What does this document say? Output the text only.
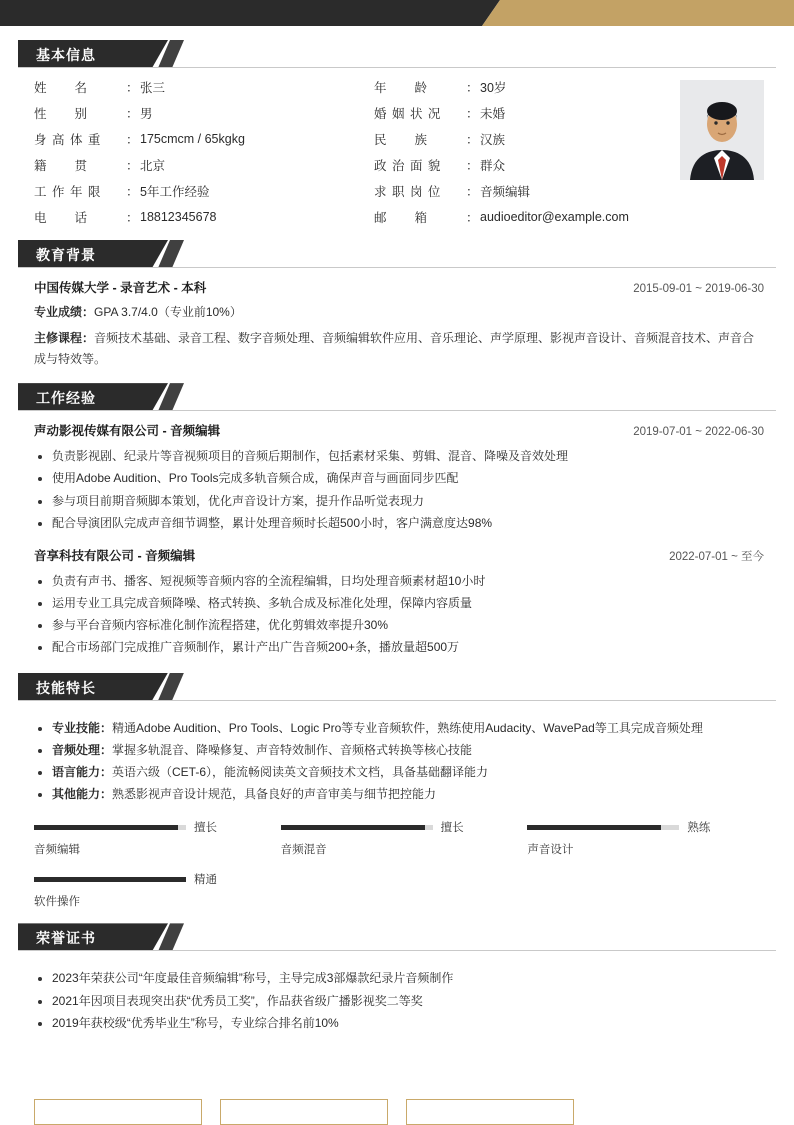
基本信息
姓　　名	： 张三	年　　龄	： 30岁
性　　别	： 男	婚 姻 状 况	： 未婚
身 高 体 重	： 175cmcm / 65kgkg	民　　族	： 汉族
籍　　贯	： 北京	政 治 面 貌	： 群众
工 作 年 限	： 5年工作经验	求 职 岗 位	： 音频编辑
电　　话	： 18812345678	邮　　箱	： audioeditor@example.com
教育背景
中国传媒大学 - 录音艺术 - 本科	2015-09-01 ~ 2019-06-30
专业成绩：GPA 3.7/4.0（专业前10%）
主修课程：音频技术基础、录音工程、数字音频处理、音频编辑软件应用、音乐理论、声学原理、影视声音设计、音频混音技术、声音合成与特效等。
工作经验
声动影视传媒有限公司 - 音频编辑	2019-07-01 ~ 2022-06-30
• 负责影视剧、纪录片等音视频项目的音频后期制作，包括素材采集、剪辑、混音、降噪及音效处理
• 使用Adobe Audition、Pro Tools完成多轨音频合成，确保声音与画面同步匹配
• 参与项目前期音频脚本策划，优化声音设计方案，提升作品听觉表现力
• 配合导演团队完成声音细节调整，累计处理音频时长超500小时，客户满意度达98%
音享科技有限公司 - 音频编辑	2022-07-01 ~ 至今
• 负责有声书、播客、短视频等音频内容的全流程编辑，日均处理音频素材超10小时
• 运用专业工具完成音频降噪、格式转换、多轨合成及标准化处理，保障内容质量
• 参与平台音频内容标准化制作流程搭建，优化剪辑效率提升30%
• 配合市场部门完成推广音频制作，累计产出广告音频200+条，播放量超500万
技能特长
• 专业技能：精通Adobe Audition、Pro Tools、Logic Pro等专业音频软件，熟练使用Audacity、WavePad等工具完成音频处理
• 音频处理：掌握多轨混音、降噪修复、声音特效制作、音频格式转换等核心技能
• 语言能力：英语六级（CET-6），能流畅阅读英文音频技术文档，具备基础翻译能力
• 其他能力：熟悉影视声音设计规范，具备良好的声音审美与细节把控能力
擅长
音频编辑
擅长
音频混音
熟练
声音设计
精通
软件操作
荣誉证书
• 2023年荣获公司“年度最佳音频编辑”称号，主导完成3部爆款纪录片音频制作
• 2021年因项目表现突出获“优秀员工奖”，作品获省级广播影视奖二等奖
• 2019年获校级“优秀毕业生”称号，专业综合排名前10%
